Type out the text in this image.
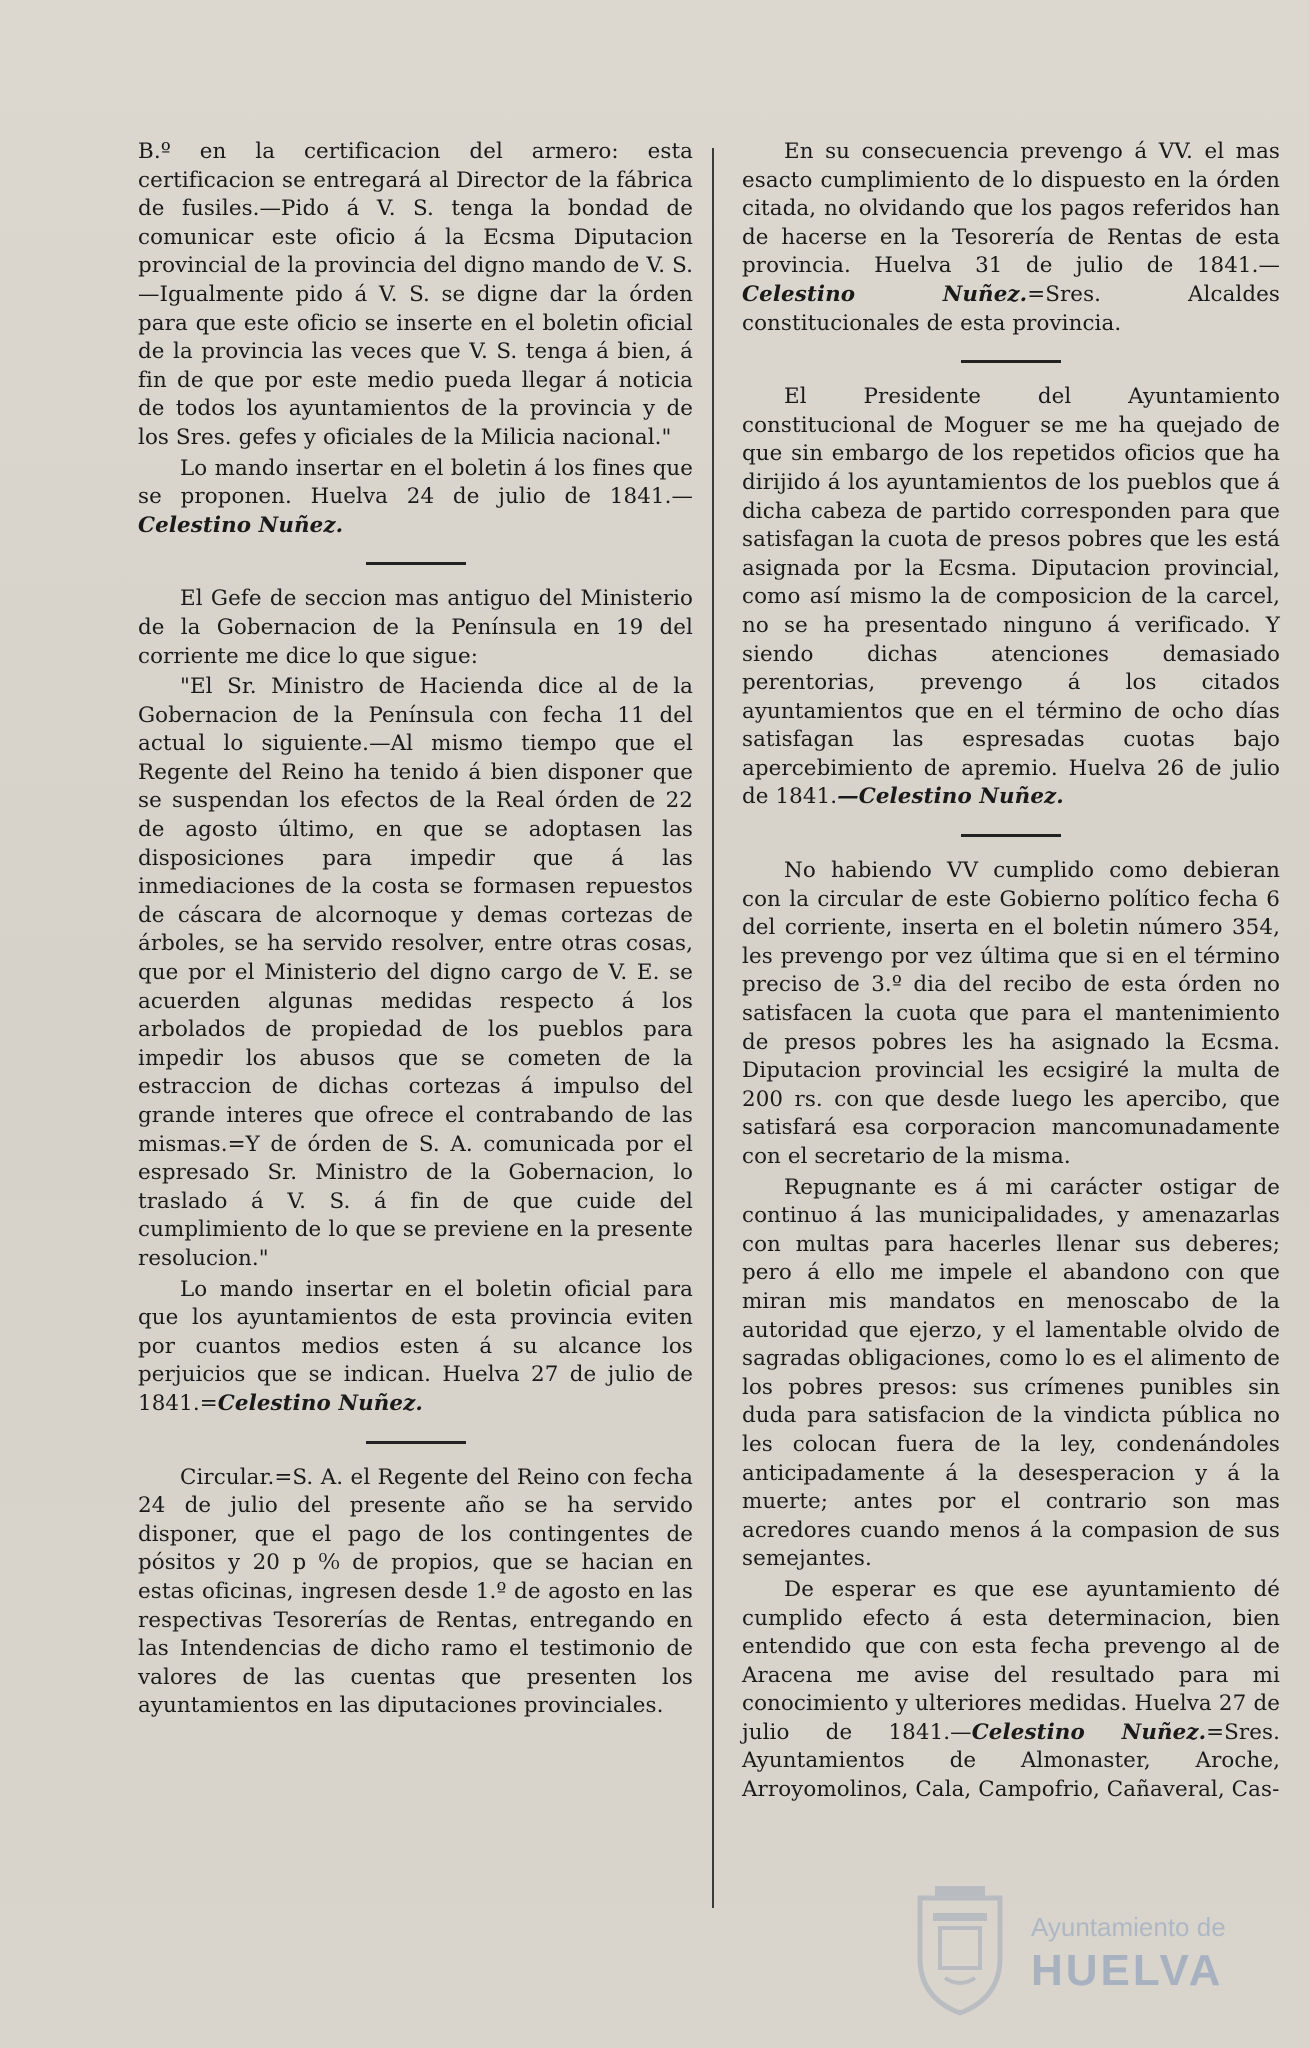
B.º en la certificacion del armero: esta certificacion se entregará al Director de la fábrica de fusiles.—Pido á V. S. tenga la bondad de comunicar este oficio á la Ecsma Diputacion provincial de la provincia del digno mando de V. S.—Igualmente pido á V. S. se digne dar la órden para que este oficio se inserte en el boletin oficial de la provincia las veces que V. S. tenga á bien, á fin de que por este medio pueda llegar á noticia de todos los ayuntamientos de la provincia y de los Sres. gefes y oficiales de la Milicia nacional."

Lo mando insertar en el boletin á los fines que se proponen. Huelva 24 de julio de 1841.—Celestino Nuñez.

El Gefe de seccion mas antiguo del Ministerio de la Gobernacion de la Península en 19 del corriente me dice lo que sigue:

"El Sr. Ministro de Hacienda dice al de la Gobernacion de la Península con fecha 11 del actual lo siguiente.—Al mismo tiempo que el Regente del Reino ha tenido á bien disponer que se suspendan los efectos de la Real órden de 22 de agosto último, en que se adoptasen las disposiciones para impedir que á las inmediaciones de la costa se formasen repuestos de cáscara de alcornoque y demas cortezas de árboles, se ha servido resolver, entre otras cosas, que por el Ministerio del digno cargo de V. E. se acuerden algunas medidas respecto á los arbolados de propiedad de los pueblos para impedir los abusos que se cometen de la estraccion de dichas cortezas á impulso del grande interes que ofrece el contrabando de las mismas.=Y de órden de S. A. comunicada por el espresado Sr. Ministro de la Gobernacion, lo traslado á V. S. á fin de que cuide del cumplimiento de lo que se previene en la presente resolucion."

Lo mando insertar en el boletin oficial para que los ayuntamientos de esta provincia eviten por cuantos medios esten á su alcance los perjuicios que se indican. Huelva 27 de julio de 1841.=Celestino Nuñez.

Circular.=S. A. el Regente del Reino con fecha 24 de julio del presente año se ha servido disponer, que el pago de los contingentes de pósitos y 20 p ⁰⁄₀ de propios, que se hacian en estas oficinas, ingresen desde 1.º de agosto en las respectivas Tesorerías de Rentas, entregando en las Intendencias de dicho ramo el testimonio de valores de las cuentas que presenten los ayuntamientos en las diputaciones provinciales.

En su consecuencia prevengo á VV. el mas esacto cumplimiento de lo dispuesto en la órden citada, no olvidando que los pagos referidos han de hacerse en la Tesorería de Rentas de esta provincia. Huelva 31 de julio de 1841.—Celestino Nuñez.=Sres. Alcaldes constitucionales de esta provincia.

El Presidente del Ayuntamiento constitucional de Moguer se me ha quejado de que sin embargo de los repetidos oficios que ha dirijido á los ayuntamientos de los pueblos que á dicha cabeza de partido corresponden para que satisfagan la cuota de presos pobres que les está asignada por la Ecsma. Diputacion provincial, como así mismo la de composicion de la carcel, no se ha presentado ninguno á verificado. Y siendo dichas atenciones demasiado perentorias, prevengo á los citados ayuntamientos que en el término de ocho días satisfagan las espresadas cuotas bajo apercebimiento de apremio. Huelva 26 de julio de 1841.—Celestino Nuñez.

No habiendo VV cumplido como debieran con la circular de este Gobierno político fecha 6 del corriente, inserta en el boletin número 354, les prevengo por vez última que si en el término preciso de 3.º dia del recibo de esta órden no satisfacen la cuota que para el mantenimiento de presos pobres les ha asignado la Ecsma. Diputacion provincial les ecsigiré la multa de 200 rs. con que desde luego les apercibo, que satisfará esa corporacion mancomunadamente con el secretario de la misma.

Repugnante es á mi carácter ostigar de continuo á las municipalidades, y amenazarlas con multas para hacerles llenar sus deberes; pero á ello me impele el abandono con que miran mis mandatos en menoscabo de la autoridad que ejerzo, y el lamentable olvido de sagradas obligaciones, como lo es el alimento de los pobres presos: sus crímenes punibles sin duda para satisfacion de la vindicta pública no les colocan fuera de la ley, condenándoles anticipadamente á la desesperacion y á la muerte; antes por el contrario son mas acredores cuando menos á la compasion de sus semejantes.

De esperar es que ese ayuntamiento dé cumplido efecto á esta determinacion, bien entendido que con esta fecha prevengo al de Aracena me avise del resultado para mi conocimiento y ulteriores medidas. Huelva 27 de julio de 1841.—Celestino Nuñez.=Sres. Ayuntamientos de Almonaster, Aroche, Arroyomolinos, Cala, Campofrio, Cañaveral, Cas-

Ayuntamiento de
HUELVA
